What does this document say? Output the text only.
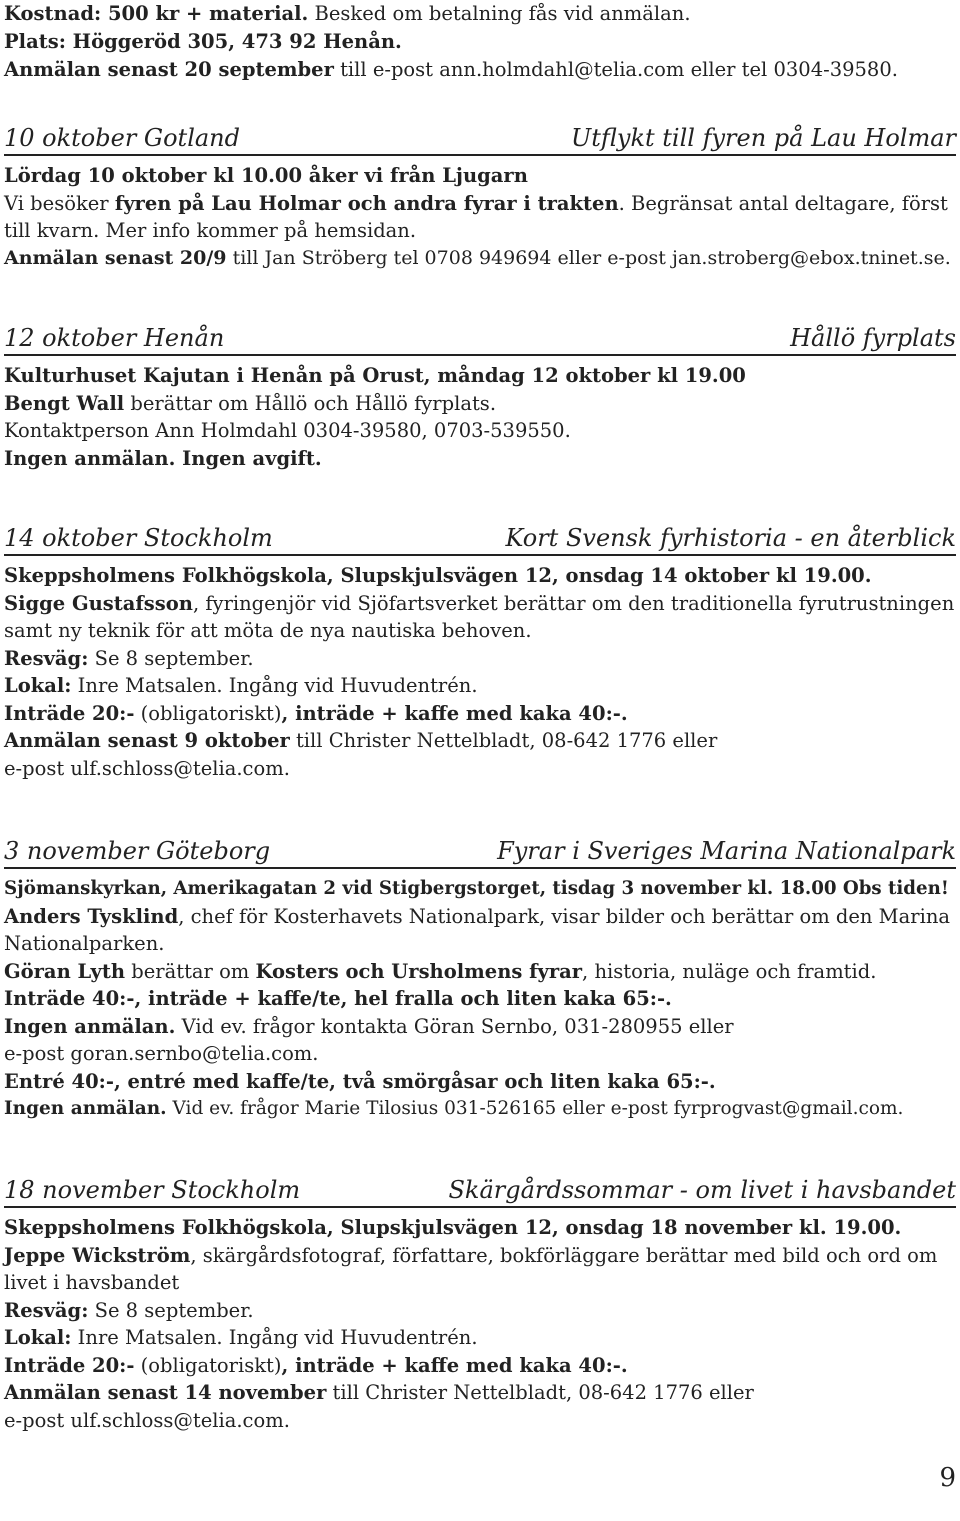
Kostnad: 500 kr + material. Besked om betalning fås vid anmälan.
Plats: Höggeröd 305, 473 92 Henån.
Anmälan senast 20 september till e-post ann.holmdahl@telia.com eller tel 0304-39580.
10 oktober Gotland	Utflykt till fyren på Lau Holmar
Lördag 10 oktober kl 10.00 åker vi från Ljugarn
Vi besöker fyren på Lau Holmar och andra fyrar i trakten. Begränsat antal deltagare, först till kvarn. Mer info kommer på hemsidan.
Anmälan senast 20/9 till Jan Ströberg tel 0708 949694 eller e-post jan.stroberg@ebox.tninet.se.
12 oktober Henån	Hållö fyrplats
Kulturhuset Kajutan i Henån på Orust, måndag 12 oktober kl 19.00
Bengt Wall berättar om Hållö och Hållö fyrplats.
Kontaktperson Ann Holmdahl 0304-39580, 0703-539550.
Ingen anmälan. Ingen avgift.
14 oktober Stockholm	Kort Svensk fyrhistoria - en återblick
Skeppsholmens Folkhögskola, Slupskjulsvägen 12, onsdag 14 oktober kl 19.00.
Sigge Gustafsson, fyringenjör vid Sjöfartsverket berättar om den traditionella fyrutrustningen samt ny teknik för att möta de nya nautiska behoven.
Resväg: Se 8 september.
Lokal: Inre Matsalen. Ingång vid Huvudentrén.
Inträde 20:- (obligatoriskt), inträde + kaffe med kaka 40:-.
Anmälan senast 9 oktober till Christer Nettelbladt, 08-642 1776 eller
e-post ulf.schloss@telia.com.
3 november Göteborg	Fyrar i Sveriges Marina Nationalpark
Sjömanskyrkan, Amerikagatan 2 vid Stigbergstorget, tisdag 3 november kl. 18.00 Obs tiden!
Anders Tysklind, chef för Kosterhavets Nationalpark, visar bilder och berättar om den Marina Nationalparken.
Göran Lyth berättar om Kosters och Ursholmens fyrar, historia, nuläge och framtid.
Inträde 40:-, inträde + kaffe/te, hel fralla och liten kaka 65:-.
Ingen anmälan. Vid ev. frågor kontakta Göran Sernbo, 031-280955 eller
e-post goran.sernbo@telia.com.
Entré 40:-, entré med kaffe/te, två smörgåsar och liten kaka 65:-.
Ingen anmälan. Vid ev. frågor Marie Tilosius 031-526165 eller e-post fyrprogvast@gmail.com.
18 november Stockholm	Skärgårdssommar - om livet i havsbandet
Skeppsholmens Folkhögskola, Slupskjulsvägen 12, onsdag 18 november kl. 19.00.
Jeppe Wickström, skärgårdsfotograf, författare, bokförläggare berättar med bild och ord om livet i havsbandet
Resväg: Se 8 september.
Lokal: Inre Matsalen. Ingång vid Huvudentrén.
Inträde 20:- (obligatoriskt), inträde + kaffe med kaka 40:-.
Anmälan senast 14 november till Christer Nettelbladt, 08-642 1776 eller
e-post ulf.schloss@telia.com.
9
